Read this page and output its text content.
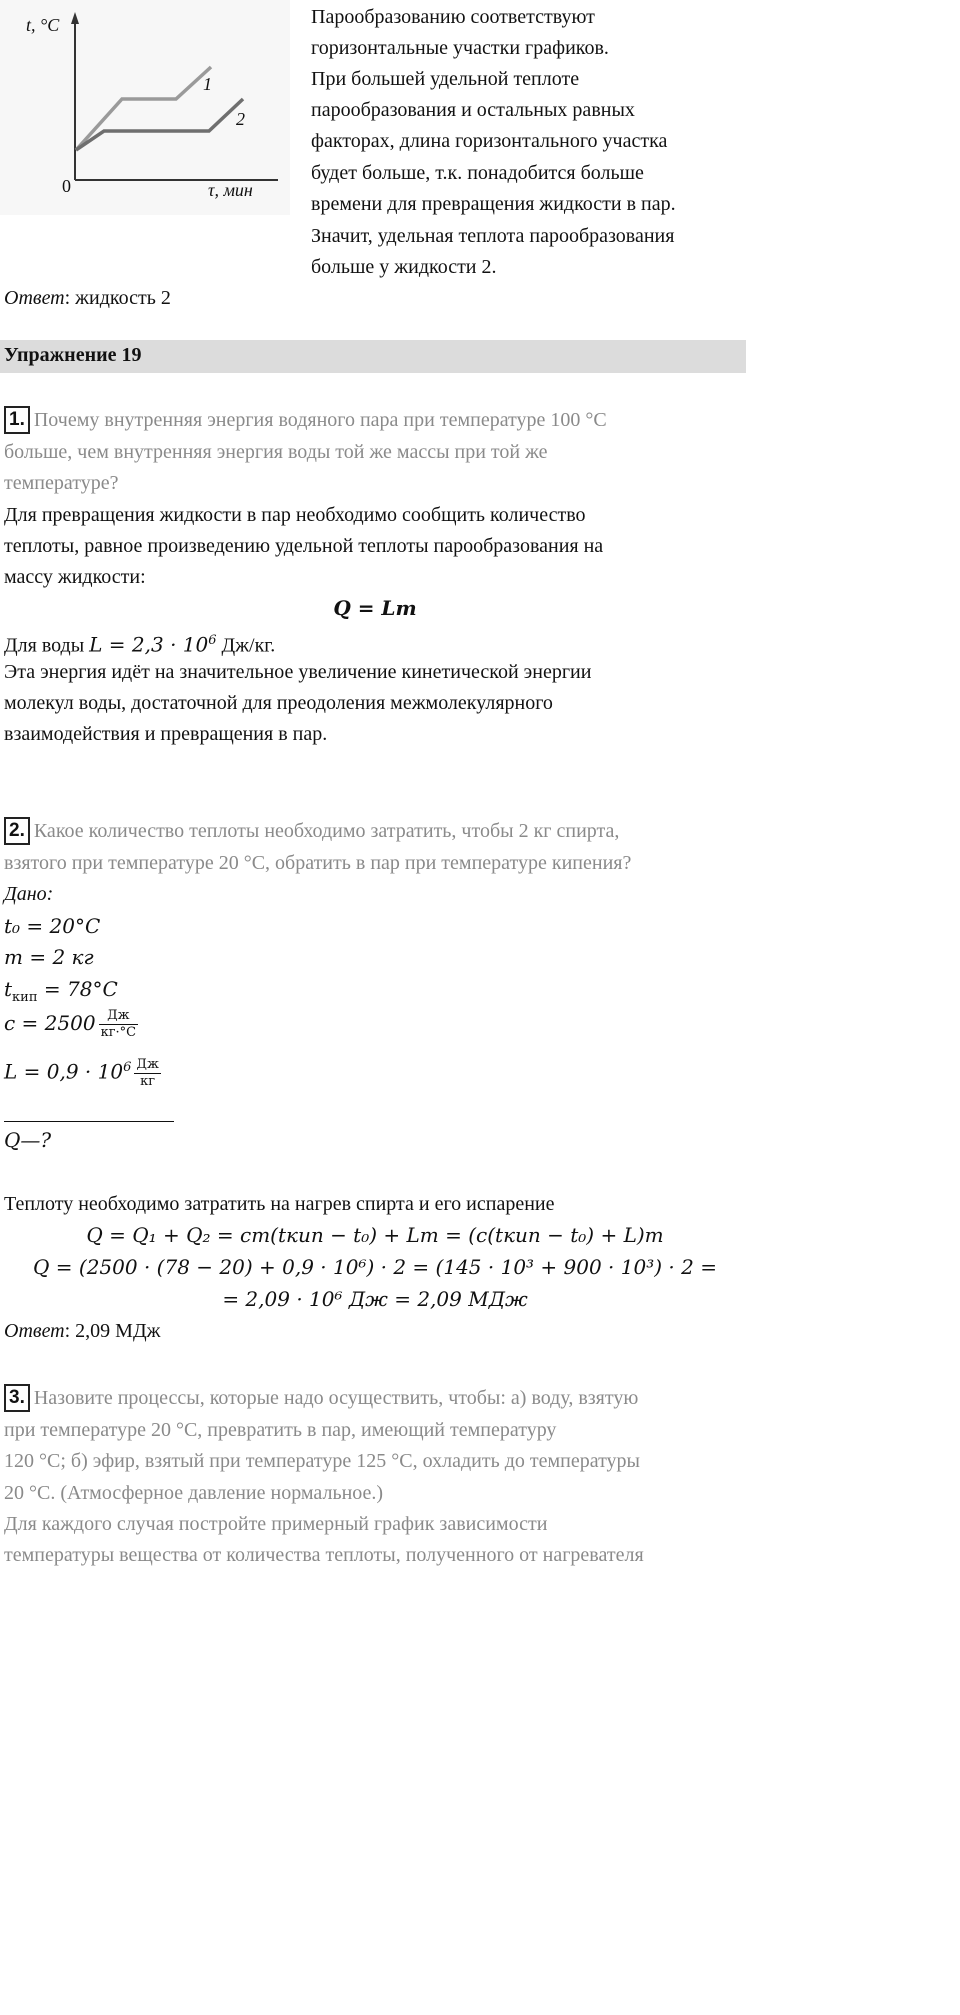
t, °C
τ, мин
0
1
2
Парообразованию соответствуют
горизонтальные участки графиков.
При большей удельной теплоте
парообразования и остальных равных
факторах, длина горизонтального участка
будет больше, т.к. понадобится больше
времени для превращения жидкости в пар.
Значит, удельная теплота парообразования
больше у жидкости 2.
Ответ: жидкость 2
Упражнение 19
1. Почему внутренняя энергия водяного пара при температуре 100 °C
больше, чем внутренняя энергия воды той же массы при той же
температуре?
Для превращения жидкости в пар необходимо сообщить количество
теплоты, равное произведению удельной теплоты парообразования на
массу жидкости:
Q = Lm
Для воды $L = 2,3 \cdot 10^6$ Дж/кг.
Эта энергия идёт на значительное увеличение кинетической энергии
молекул воды, достаточной для преодоления межмолекулярного
взаимодействия и превращения в пар.
2. Какое количество теплоты необходимо затратить, чтобы 2 кг спирта,
взятого при температуре 20 °C, обратить в пар при температуре кипения?
Дано:
t₀ = 20°C
m = 2 кг
$t_{кип} = 78^\circ C$
$c = 2500 \frac{Дж}{кг\cdot^\circ C}$
$L = 0,9 \cdot 10^6 \frac{Дж}{кг}$
Q—?
Теплоту необходимо затратить на нагрев спирта и его испарение
Q = Q₁ + Q₂ = cm(tкип − t₀) + Lm = (c(tкип − t₀) + L)m
Q = (2500 · (78 − 20) + 0,9 · 10⁶) · 2 = (145 · 10³ + 900 · 10³) · 2 =
= 2,09 · 10⁶ Дж = 2,09 МДж
Ответ: 2,09 МДж
3. Назовите процессы, которые надо осуществить, чтобы: а) воду, взятую
при температуре 20 °C, превратить в пар, имеющий температуру
120 °C; б) эфир, взятый при температуре 125 °C, охладить до температуры
20 °C. (Атмосферное давление нормальное.)
Для каждого случая постройте примерный график зависимости
температуры вещества от количества теплоты, полученного от нагревателя
